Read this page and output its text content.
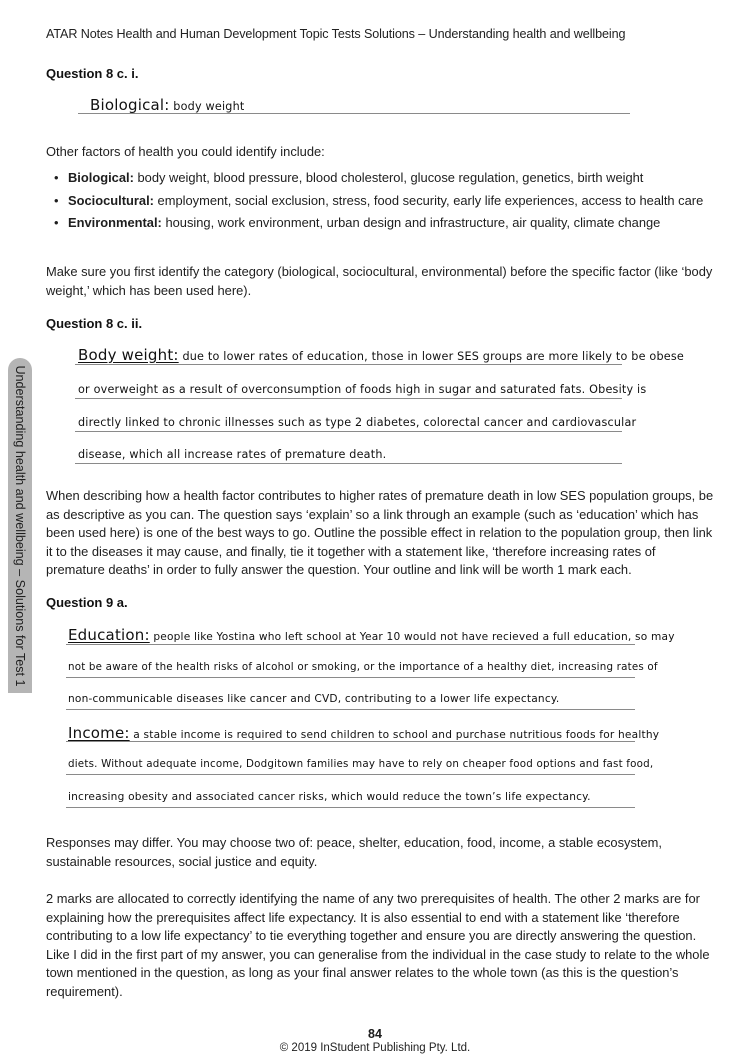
ATAR Notes Health and Human Development Topic Tests Solutions – Understanding health and wellbeing
Understanding health and wellbeing – Solutions for Test 1
Question 8 c. i.
Biological: body weight

Other factors of health you could identify include:

• Biological: body weight, blood pressure, blood cholesterol, glucose regulation, genetics, birth weight
• Sociocultural: employment, social exclusion, stress, food security, early life experiences, access to health care
• Environmental: housing, work environment, urban design and infrastructure, air quality, climate change

Make sure you first identify the category (biological, sociocultural, environmental) before the specific factor (like ‘body weight,’ which has been used here).

Question 8 c. ii.
Body weight: due to lower rates of education, those in lower SES groups are more likely to be obese
or overweight as a result of overconsumption of foods high in sugar and saturated fats. Obesity is
directly linked to chronic illnesses such as type 2 diabetes, colorectal cancer and cardiovascular
disease, which all increase rates of premature death.

When describing how a health factor contributes to higher rates of premature death in low SES population groups, be as descriptive as you can. The question says ‘explain’ so a link through an example (such as ‘education’ which has been used here) is one of the best ways to go. Outline the possible effect in relation to the population group, then link it to the diseases it may cause, and finally, tie it together with a statement like, ‘therefore increasing rates of premature deaths’ in order to fully answer the question. Your outline and link will be worth 1 mark each.

Question 9 a.
Education: people like Yostina who left school at Year 10 would not have recieved a full education, so may
not be aware of the health risks of alcohol or smoking, or the importance of a healthy diet, increasing rates of
non-communicable diseases like cancer and CVD, contributing to a lower life expectancy.
Income: a stable income is required to send children to school and purchase nutritious foods for healthy
diets. Without adequate income, Dodgitown families may have to rely on cheaper food options and fast food,
increasing obesity and associated cancer risks, which would reduce the town’s life expectancy.

Responses may differ. You may choose two of: peace, shelter, education, food, income, a stable ecosystem, sustainable resources, social justice and equity.

2 marks are allocated to correctly identifying the name of any two prerequisites of health. The other 2 marks are for explaining how the prerequisites affect life expectancy. It is also essential to end with a statement like ‘therefore contributing to a low life expectancy’ to tie everything together and ensure you are directly answering the question. Like I did in the first part of my answer, you can generalise from the individual in the case study to relate to the whole town mentioned in the question, as long as your final answer relates to the whole town (as this is the question’s requirement).

84
© 2019 InStudent Publishing Pty. Ltd.
